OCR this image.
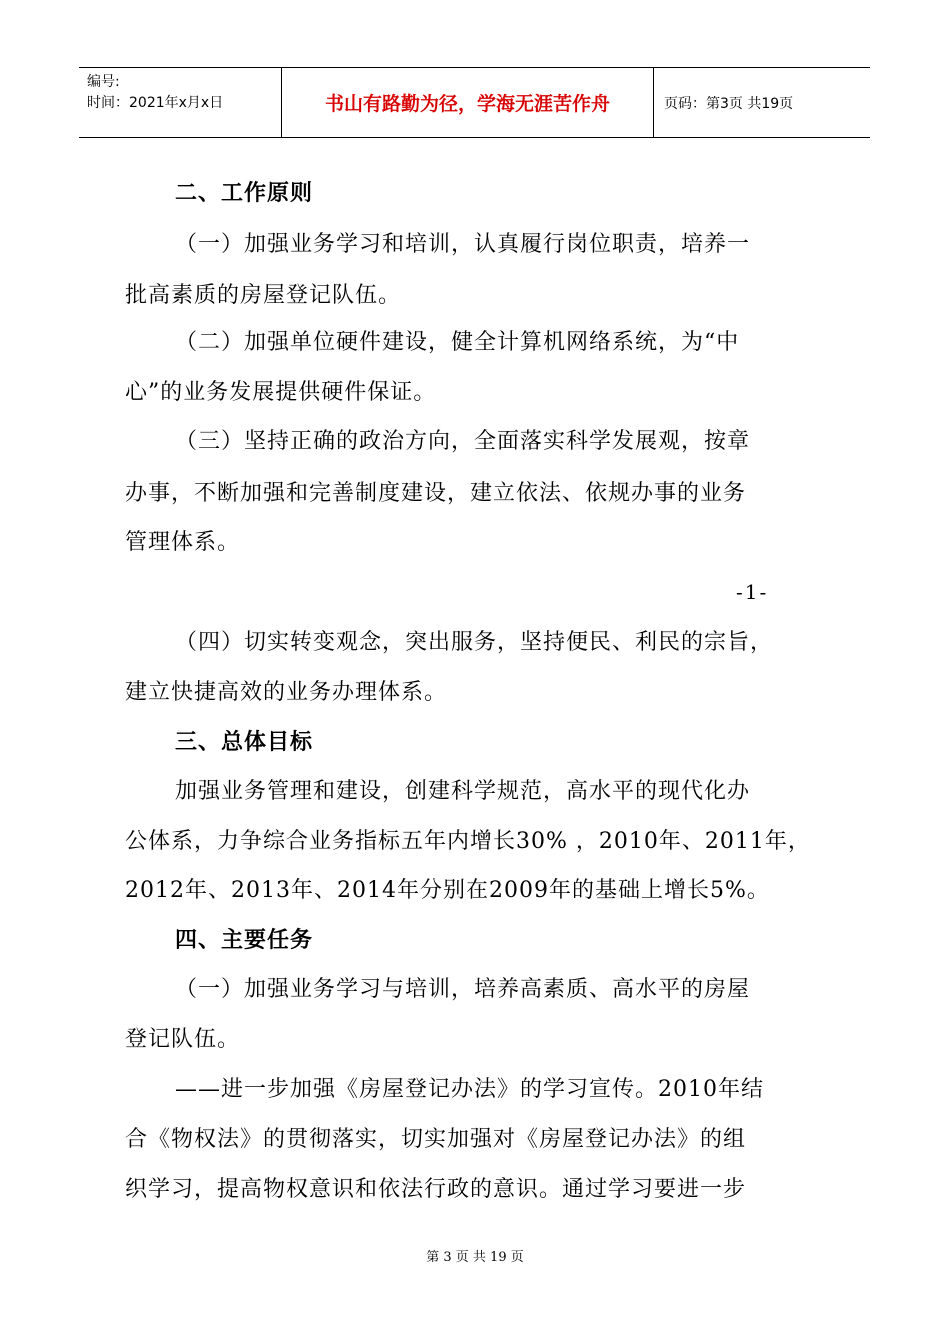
编号:
时间：2021年x月x日	书山有路勤为径，学海无涯苦作舟	页码：第3页 共19页
二、工作原则
（一）加强业务学习和培训，认真履行岗位职责，培养一
批高素质的房屋登记队伍。
（二）加强单位硬件建设，健全计算机网络系统，为“中
心”的业务发展提供硬件保证。
（三）坚持正确的政治方向，全面落实科学发展观，按章
办事，不断加强和完善制度建设，建立依法、依规办事的业务
管理体系。
-1-
（四）切实转变观念，突出服务，坚持便民、利民的宗旨，
建立快捷高效的业务办理体系。
三、总体目标
加强业务管理和建设，创建科学规范，高水平的现代化办
公体系，力争综合业务指标五年内增长30% ，2010年、2011年，
2012年、2013年、2014年分别在2009年的基础上增长5%。
四、主要任务
（一）加强业务学习与培训，培养高素质、高水平的房屋
登记队伍。
——进一步加强《房屋登记办法》的学习宣传。2010年结
合《物权法》的贯彻落实，切实加强对《房屋登记办法》的组
织学习，提高物权意识和依法行政的意识。通过学习要进一步
第 3 页 共 19 页
